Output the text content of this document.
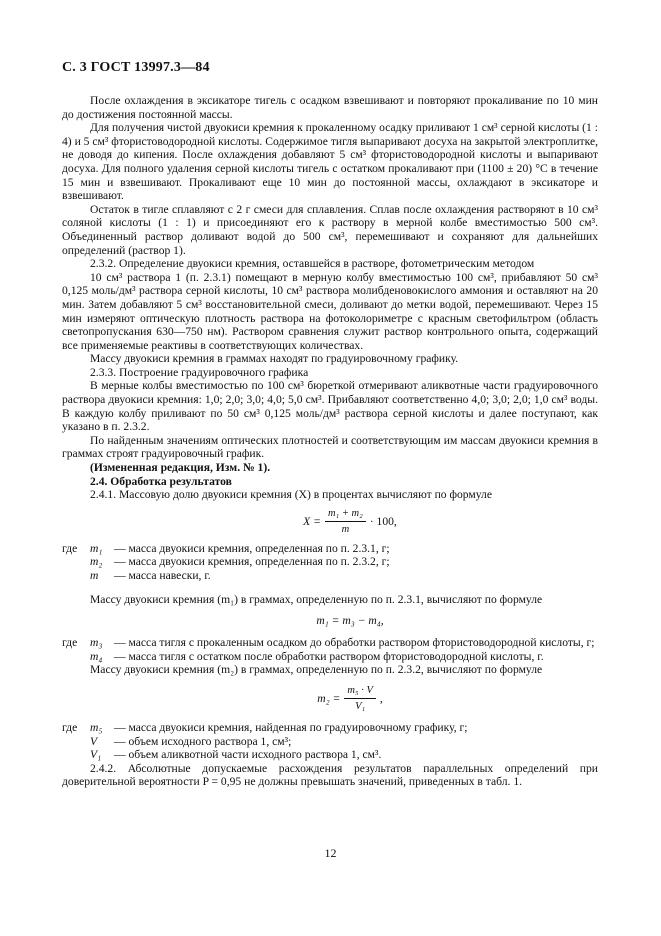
С. 3 ГОСТ 13997.3—84

После охлаждения в эксикаторе тигель с осадком взвешивают и повторяют прокаливание по 10 мин до достижения постоянной массы.

Для получения чистой двуокиси кремния к прокаленному осадку приливают 1 см³ серной кислоты (1 : 4) и 5 см³ фтористоводородной кислоты. Содержимое тигля выпаривают досуха на закрытой электроплитке, не доводя до кипения. После охлаждения добавляют 5 см³ фтористоводородной кислоты и выпаривают досуха. Для полного удаления серной кислоты тигель с остатком прокаливают при (1100 ± 20) °С в течение 15 мин и взвешивают. Прокаливают еще 10 мин до постоянной массы, охлаждают в эксикаторе и взвешивают.

Остаток в тигле сплавляют с 2 г смеси для сплавления. Сплав после охлаждения растворяют в 10 см³ соляной кислоты (1 : 1) и присоединяют его к раствору в мерной колбе вместимостью 500 см³. Объединенный раствор доливают водой до 500 см³, перемешивают и сохраняют для дальнейших определений (раствор 1).

2.3.2. Определение двуокиси кремния, оставшейся в растворе, фотометрическим методом

10 см³ раствора 1 (п. 2.3.1) помещают в мерную колбу вместимостью 100 см³, прибавляют 50 см³ 0,125 моль/дм³ раствора серной кислоты, 10 см³ раствора молибденовокислого аммония и оставляют на 20 мин. Затем добавляют 5 см³ восстановительной смеси, доливают до метки водой, перемешивают. Через 15 мин измеряют оптическую плотность раствора на фотоколориметре с красным светофильтром (область светопропускания 630—750 нм). Раствором сравнения служит раствор контрольного опыта, содержащий все применяемые реактивы в соответствующих количествах.

Массу двуокиси кремния в граммах находят по градуировочному графику.

2.3.3. Построение градуировочного графика

В мерные колбы вместимостью по 100 см³ бюреткой отмеривают аликвотные части градуировочного раствора двуокиси кремния: 1,0; 2,0; 3,0; 4,0; 5,0 см³. Прибавляют соответственно 4,0; 3,0; 2,0; 1,0 см³ воды. В каждую колбу приливают по 50 см³ 0,125 моль/дм³ раствора серной кислоты и далее поступают, как указано в п. 2.3.2.

По найденным значениям оптических плотностей и соответствующим им массам двуокиси кремния в граммах строят градуировочный график.

(Измененная редакция, Изм. № 1).

2.4. Обработка результатов

2.4.1. Массовую долю двуокиси кремния (X) в процентах вычисляют по формуле

$X = \frac{\text{m₁ + m₂}}{m} \cdot 100$,
где	m₁ — масса двуокиси кремния, определенная по п. 2.3.1, г;
m₂ — масса двуокиси кремния, определенная по п. 2.3.2, г;
m	— масса навески, г.

Массу двуокиси кремния (m₁) в граммах, определенную по п. 2.3.1, вычисляют по формуле

m₁ = m₃ − m₄,
где	m₃ — масса тигля с прокаленным осадком до обработки раствором фтористоводородной кислоты, г;
m₄ — масса тигля с остатком после обработки раствором фтористоводородной кислоты, г.

Массу двуокиси кремния (m₂) в граммах, определенную по п. 2.3.2, вычисляют по формуле

$m_2 = \frac{\text{m₅ · V}}{\text{V₁}}$ ,
где	m₅ — масса двуокиси кремния, найденная по градуировочному графику, г;
V	— объем исходного раствора 1, см³;
V₁	— объем аликвотной части исходного раствора 1, см³.

2.4.2. Абсолютные допускаемые расхождения результатов параллельных определений при доверительной вероятности P = 0,95 не должны превышать значений, приведенных в табл. 1.

12
